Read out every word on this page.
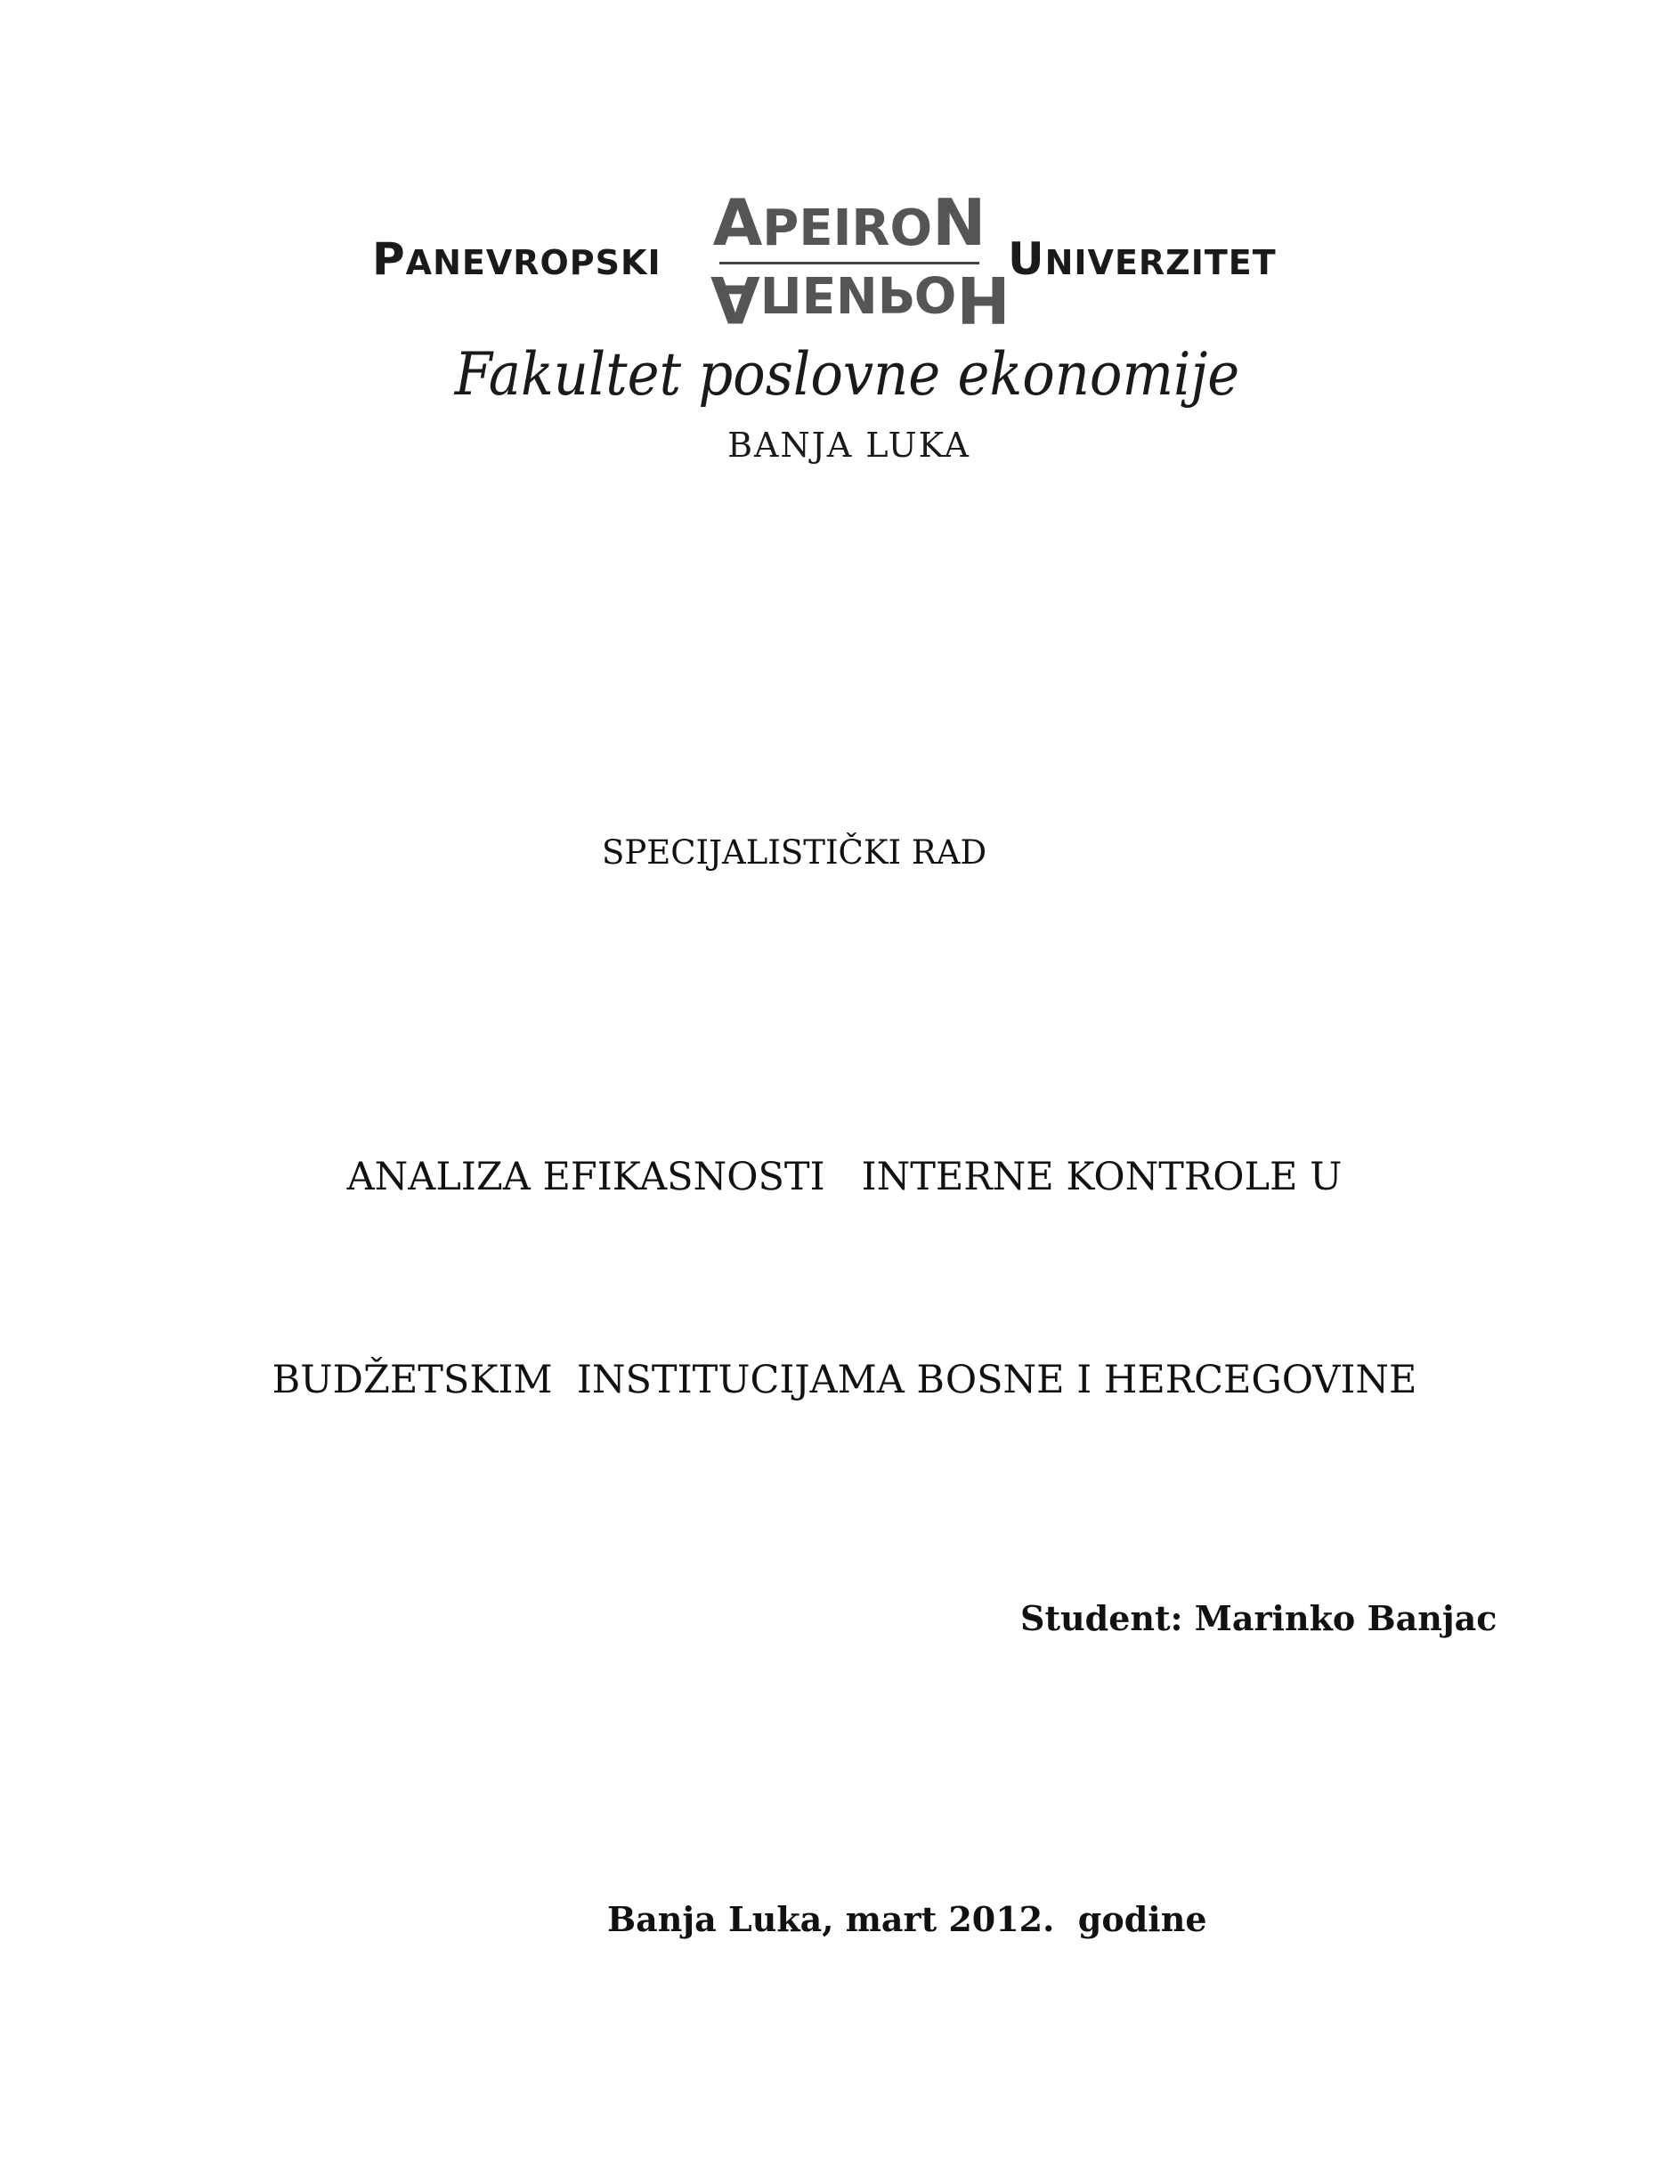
PANEVROPSKI
APEIRON
АПЕИРОН
UNIVERZITET
Fakultet poslovne ekonomije
BANJA LUKA
SPECIJALISTIČKI RAD

ANALIZA EFIKASNOSTI   INTERNE KONTROLE U

BUDŽETSKIM  INSTITUCIJAMA BOSNE I HERCEGOVINE

Student: Marinko Banjac
Banja Luka, mart 2012.  godine
